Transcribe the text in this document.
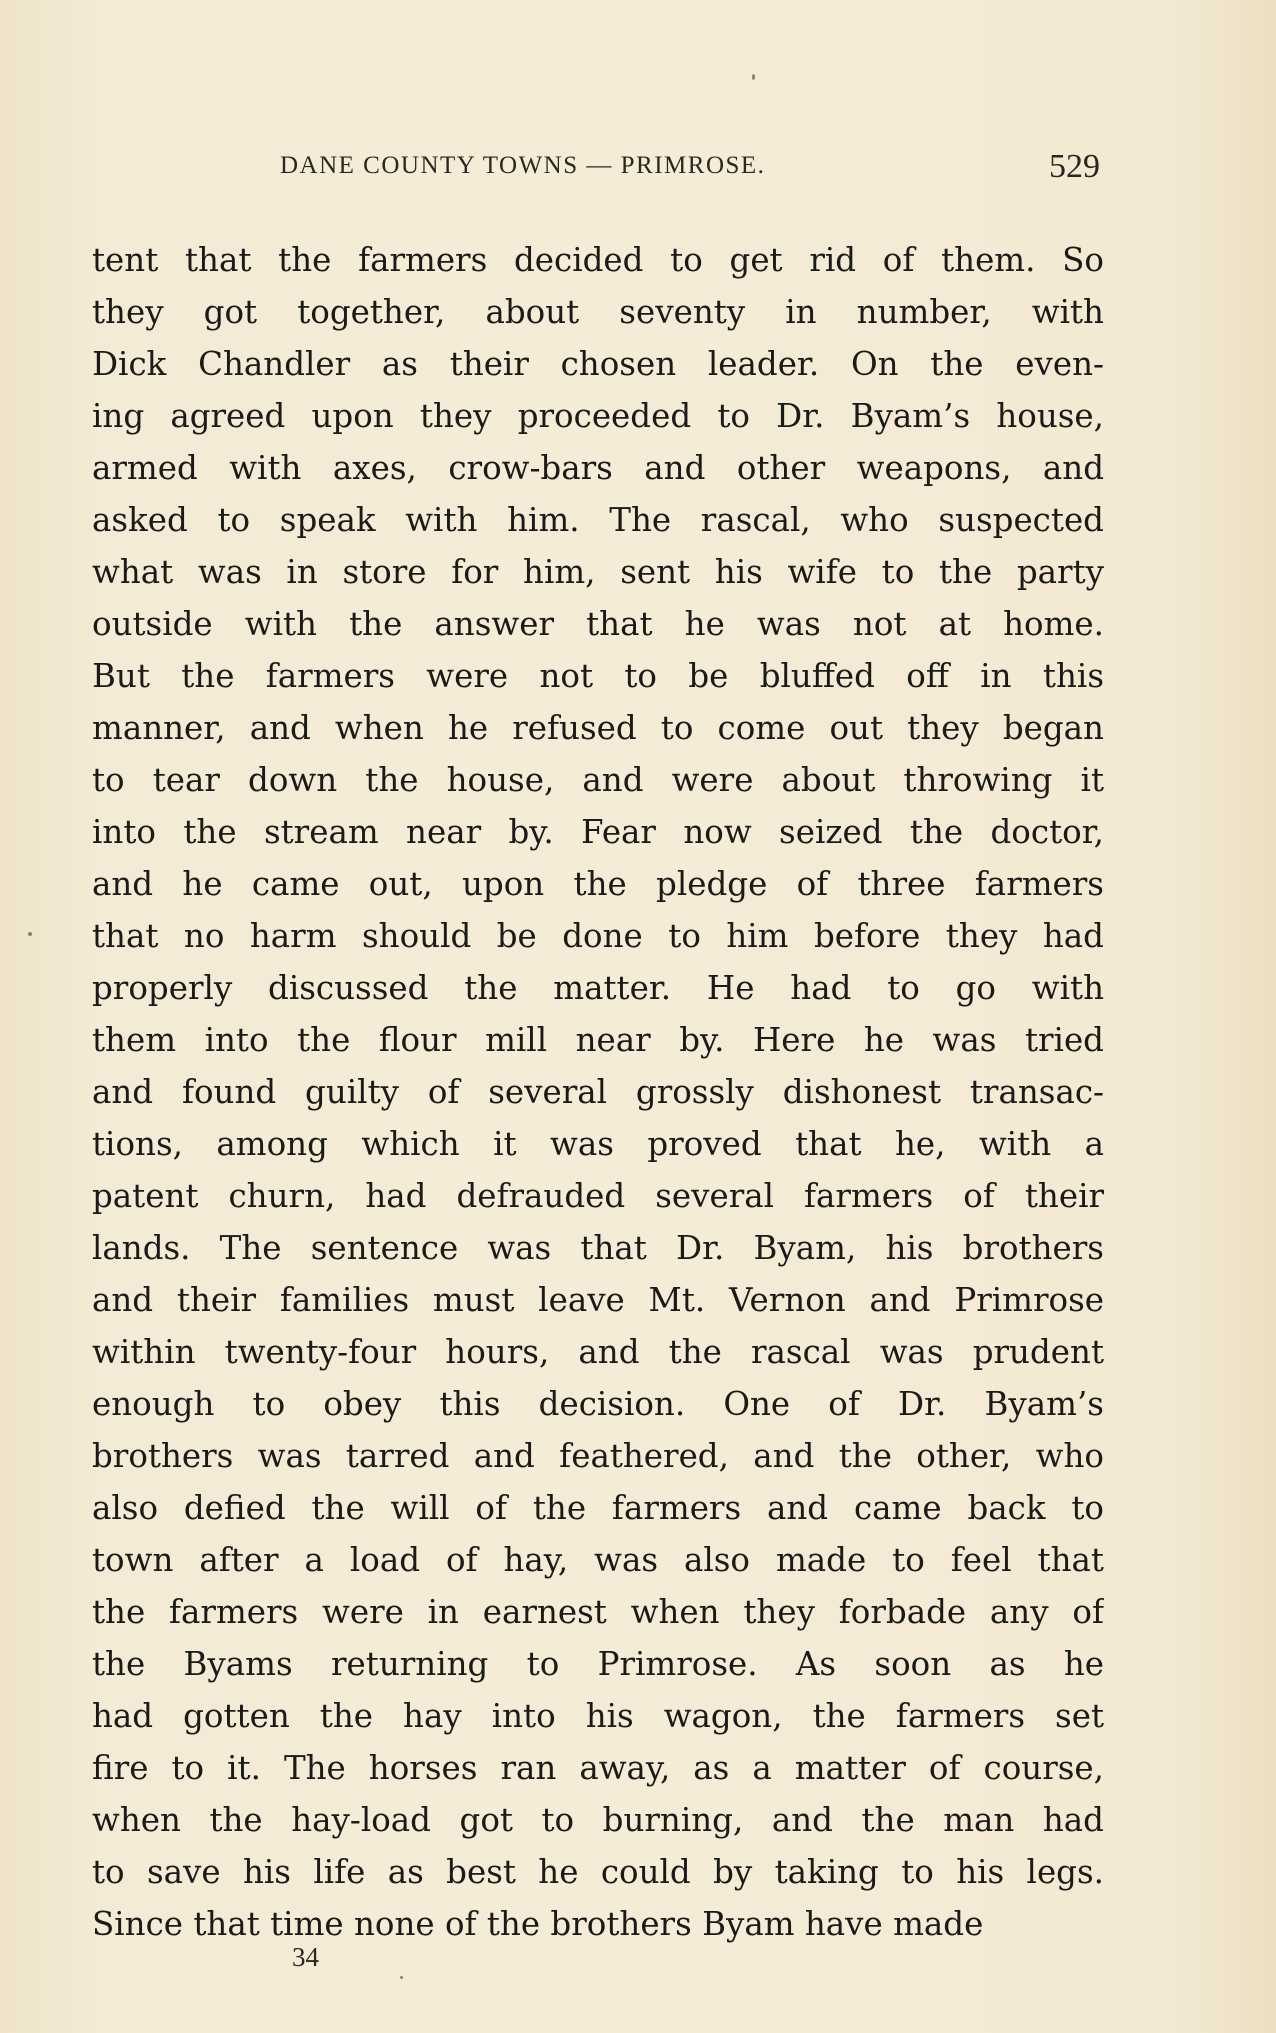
DANE COUNTY TOWNS — PRIMROSE.	529
tent that the farmers decided to get rid of them. So
they got together, about seventy in number, with
Dick Chandler as their chosen leader. On the even-
ing agreed upon they proceeded to Dr. Byam’s house,
armed with axes, crow-bars and other weapons, and
asked to speak with him. The rascal, who suspected
what was in store for him, sent his wife to the party
outside with the answer that he was not at home.
But the farmers were not to be bluffed off in this
manner, and when he refused to come out they began
to tear down the house, and were about throwing it
into the stream near by. Fear now seized the doctor,
and he came out, upon the pledge of three farmers
that no harm should be done to him before they had
properly discussed the matter. He had to go with
them into the flour mill near by. Here he was tried
and found guilty of several grossly dishonest transac-
tions, among which it was proved that he, with a
patent churn, had defrauded several farmers of their
lands. The sentence was that Dr. Byam, his brothers
and their families must leave Mt. Vernon and Primrose
within twenty-four hours, and the rascal was prudent
enough to obey this decision. One of Dr. Byam’s
brothers was tarred and feathered, and the other, who
also defied the will of the farmers and came back to
town after a load of hay, was also made to feel that
the farmers were in earnest when they forbade any of
the Byams returning to Primrose. As soon as he
had gotten the hay into his wagon, the farmers set
fire to it. The horses ran away, as a matter of course,
when the hay-load got to burning, and the man had
to save his life as best he could by taking to his legs.
Since that time none of the brothers Byam have made
34
